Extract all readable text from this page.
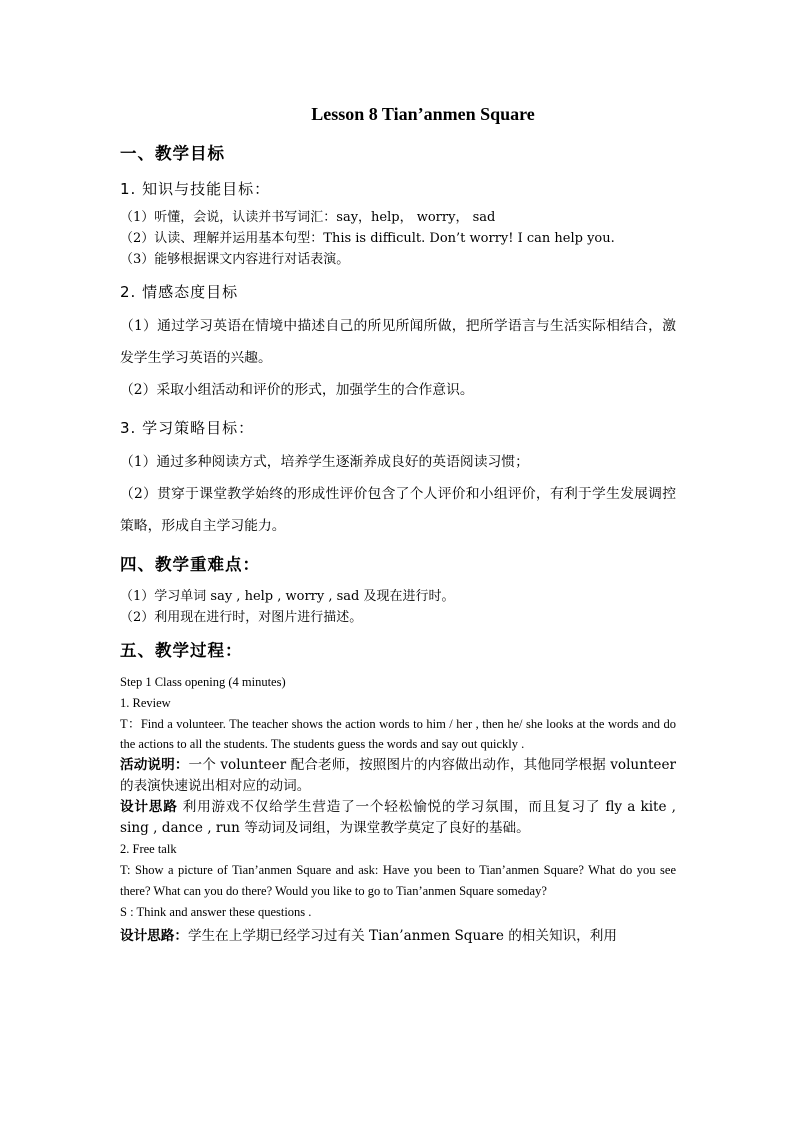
Lesson 8 Tian’anmen Square
一、教学目标
1. 知识与技能目标：

（1）听懂，会说，认读并书写词汇：say，help， worry， sad

（2）认读、理解并运用基本句型：This is difficult. Don’t worry! I can help you.

（3）能够根据课文内容进行对话表演。

2. 情感态度目标

（1）通过学习英语在情境中描述自己的所见所闻所做，把所学语言与生活实际相结合，激发学生学习英语的兴趣。

（2）采取小组活动和评价的形式，加强学生的合作意识。

3. 学习策略目标：

（1）通过多种阅读方式，培养学生逐渐养成良好的英语阅读习惯；

（2）贯穿于课堂教学始终的形成性评价包含了个人评价和小组评价，有利于学生发展调控策略，形成自主学习能力。

四、教学重难点：

（1）学习单词 say , help , worry , sad 及现在进行时。

（2）利用现在进行时，对图片进行描述。

五、教学过程：

Step 1 Class opening (4 minutes)

1. Review

T：Find a volunteer. The teacher shows the action words to him / her , then he/ she looks at the words and do the actions to all the students. The students guess the words and say out quickly .

活动说明：一个 volunteer 配合老师，按照图片的内容做出动作，其他同学根据 volunteer 的表演快速说出相对应的动词。

设计思路 利用游戏不仅给学生营造了一个轻松愉悦的学习氛围，而且复习了 fly a kite , sing , dance , run 等动词及词组，为课堂教学莫定了良好的基础。

2. Free talk

T: Show a picture of Tian’anmen Square and ask: Have you been to Tian’anmen Square? What do you see there? What can you do there? Would you like to go to Tian’anmen Square someday?

S : Think and answer these questions .

设计思路：学生在上学期已经学习过有关 Tian’anmen Square 的相关知识，利用
